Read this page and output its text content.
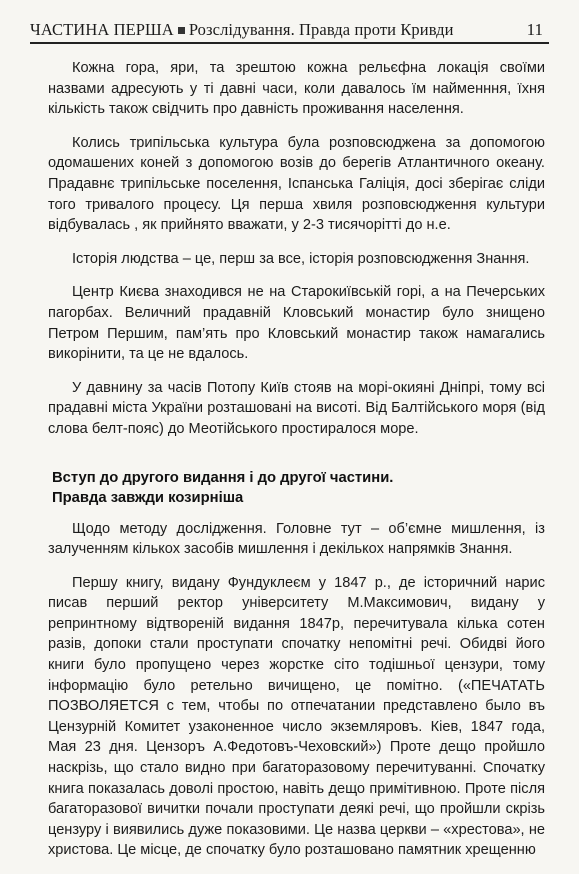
ЧАСТИНА ПЕРША Розслідування. Правда проти Кривди	11

Кожна гора, яри, та зрештою кожна рельєфна локація своїми назвами адресують у ті давні часи, коли давалось їм найменння, їхня кількість також свідчить про давність проживання населення.

Колись трипільська культура була розповсюджена за допомогою одомашених коней з допомогою возів до берегів Атлантичного океану. Прадавнє трипільське поселення, Іспанська Галіція, досі зберігає сліди того тривалого процесу. Ця перша хвиля розповсюдження культури відбувалась , як прийнято вважати, у 2-3 тисячорітті до н.е.

Історія людства – це, перш за все, історія розповсюдження Знання.

Центр Києва знаходився не на Старокиївській горі, а на Печерських пагорбах. Величний прадавній Кловський монастир було знищено Петром Першим, пам’ять про Кловський монастир також намагались викорінити, та це не вдалось.

У давнину за часів Потопу Київ стояв на морі-окияні Дніпрі, тому всі прадавні міста України розташовані на висоті. Від Балтійського моря (від слова белт-пояс) до Меотійського простиралося море.

Вступ до другого видання і до другої частини.
Правда завжди козирніша

Щодо методу дослідження. Головне тут – об’ємне мишлення, із залученням кількох засобів мишлення і декількох напрямків Знання.

Першу книгу, видану Фундуклеєм у 1847 р., де історичний нарис писав перший ректор університету М.Максимович, видану у репринтному відтвореній видання 1847р, перечитувала кілька сотен разів, допоки стали проступати спочатку непомітні речі. Обидві його книги було пропущено через жорстке сіто тодішньої цензури, тому інформацію було ретельно вичищено, це помітно. («ПЕЧАТАТЬ ПОЗВОЛЯЕТСЯ с тем, чтобы по отпечатании представлено было въ Цензурній Комитет узаконенное число экземляровъ. Кіев, 1847 года, Мая 23 дня. Цензоръ А.Федотовъ-Чеховский») Проте дещо пройшло наскрізь, що стало видно при багаторазовому перечитуванні. Спочатку книга показалась доволі простою, навіть дещо примітивною. Проте після багаторазової вичитки почали проступати деякі речі, що пройшли скрізь цензуру і виявились дуже показовими. Це назва церкви – «хрестова», не христова. Це місце, де спочатку було розташовано памятник хрещенню
